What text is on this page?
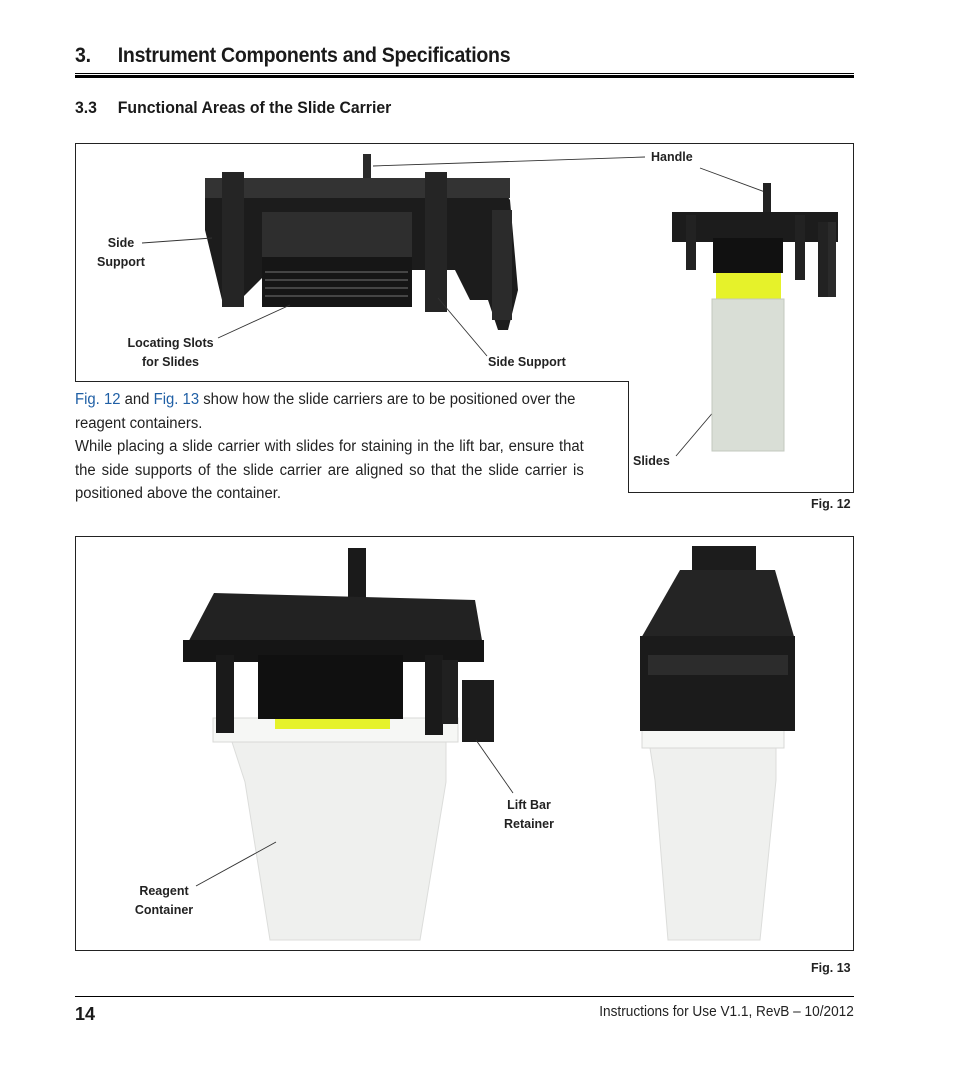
3. Instrument Components and Specifications
3.3 Functional Areas of the Slide Carrier
Handle
Side
Support
Locating Slots
for Slides	Side Support
Slides
Fig. 12
Fig. 12 and Fig. 13 show how the slide carriers are to be positioned over the reagent containers.
While placing a slide carrier with slides for staining in the lift bar, ensure that the side supports of the slide carrier are aligned so that the slide carrier is positioned above the container.
Lift Bar
Retainer
Reagent
Container
Fig. 13
14	Instructions for Use V1.1, RevB – 10/2012
